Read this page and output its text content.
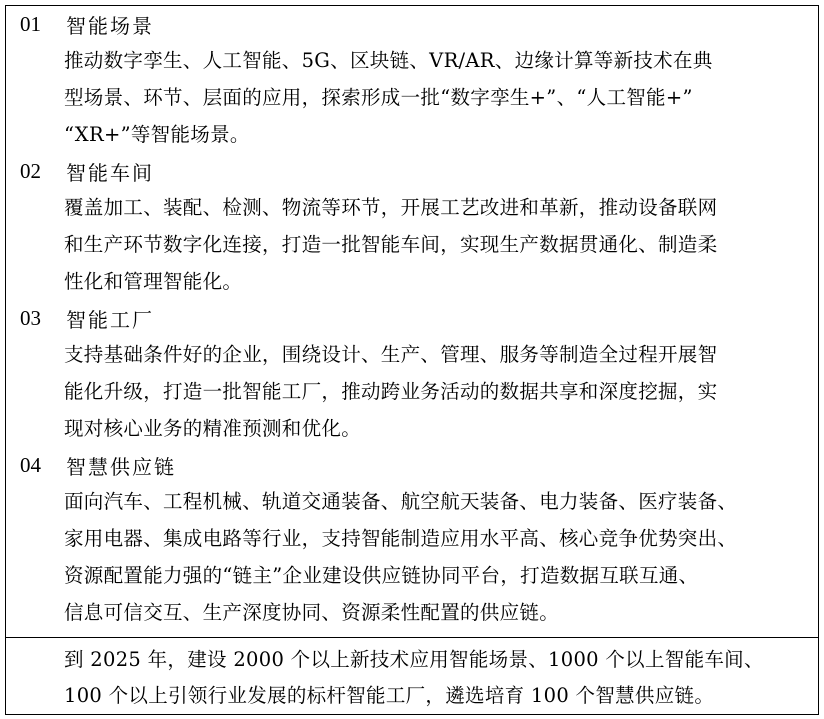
01	智能场景
推动数字孪生、人工智能、5G、区块链、VR/AR、边缘计算等新技术在典
型场景、环节、层面的应用，探索形成一批“数字孪生+”、“人工智能+”
“XR+”等智能场景。
02	智能车间
覆盖加工、装配、检测、物流等环节，开展工艺改进和革新，推动设备联网
和生产环节数字化连接，打造一批智能车间，实现生产数据贯通化、制造柔
性化和管理智能化。
03	智能工厂
支持基础条件好的企业，围绕设计、生产、管理、服务等制造全过程开展智
能化升级，打造一批智能工厂，推动跨业务活动的数据共享和深度挖掘，实
现对核心业务的精准预测和优化。
04	智慧供应链
面向汽车、工程机械、轨道交通装备、航空航天装备、电力装备、医疗装备、
家用电器、集成电路等行业，支持智能制造应用水平高、核心竞争优势突出、
资源配置能力强的“链主”企业建设供应链协同平台，打造数据互联互通、
信息可信交互、生产深度协同、资源柔性配置的供应链。
到 2025 年，建设 2000 个以上新技术应用智能场景、1000 个以上智能车间、
100 个以上引领行业发展的标杆智能工厂，遴选培育 100 个智慧供应链。
